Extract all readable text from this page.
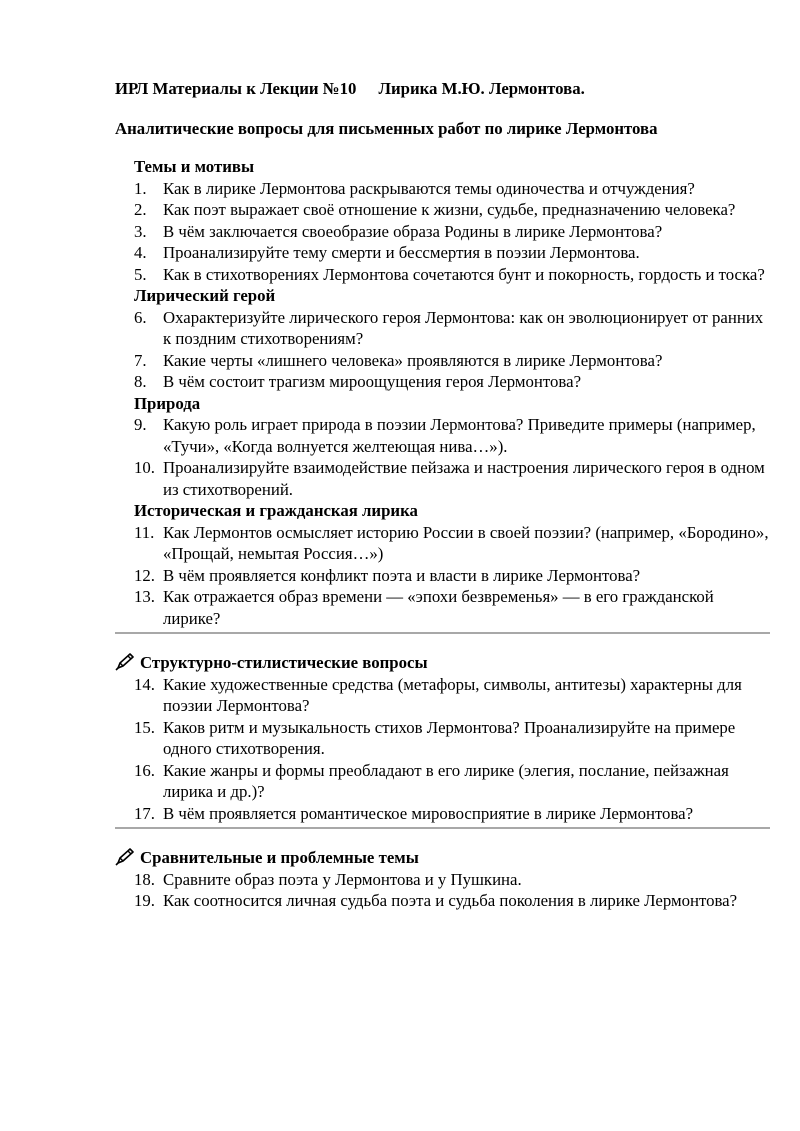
ИРЛ Материалы к Лекции №10 Лирика М.Ю. Лермонтова.
Аналитические вопросы для письменных работ по лирике Лермонтова
Темы и мотивы
1. Как в лирике Лермонтова раскрываются темы одиночества и отчуждения?
2. Как поэт выражает своё отношение к жизни, судьбе, предназначению человека?
3. В чём заключается своеобразие образа Родины в лирике Лермонтова?
4. Проанализируйте тему смерти и бессмертия в поэзии Лермонтова.
5. Как в стихотворениях Лермонтова сочетаются бунт и покорность, гордость и тоска?
Лирический герой
6. Охарактеризуйте лирического героя Лермонтова: как он эволюционирует от ранних к поздним стихотворениям?
7. Какие черты «лишнего человека» проявляются в лирике Лермонтова?
8. В чём состоит трагизм мироощущения героя Лермонтова?
Природа
9. Какую роль играет природа в поэзии Лермонтова? Приведите примеры (например, «Тучи», «Когда волнуется желтеющая нива…»).
10. Проанализируйте взаимодействие пейзажа и настроения лирического героя в одном из стихотворений.
Историческая и гражданская лирика
11. Как Лермонтов осмысляет историю России в своей поэзии? (например, «Бородино», «Прощай, немытая Россия…»)
12. В чём проявляется конфликт поэта и власти в лирике Лермонтова?
13. Как отражается образ времени — «эпохи безвременья» — в его гражданской лирике?
Структурно-стилистические вопросы
14. Какие художественные средства (метафоры, символы, антитезы) характерны для поэзии Лермонтова?
15. Каков ритм и музыкальность стихов Лермонтова? Проанализируйте на примере одного стихотворения.
16. Какие жанры и формы преобладают в его лирике (элегия, послание, пейзажная лирика и др.)?
17. В чём проявляется романтическое мировосприятие в лирике Лермонтова?
Сравнительные и проблемные темы
18. Сравните образ поэта у Лермонтова и у Пушкина.
19. Как соотносится личная судьба поэта и судьба поколения в лирике Лермонтова?
